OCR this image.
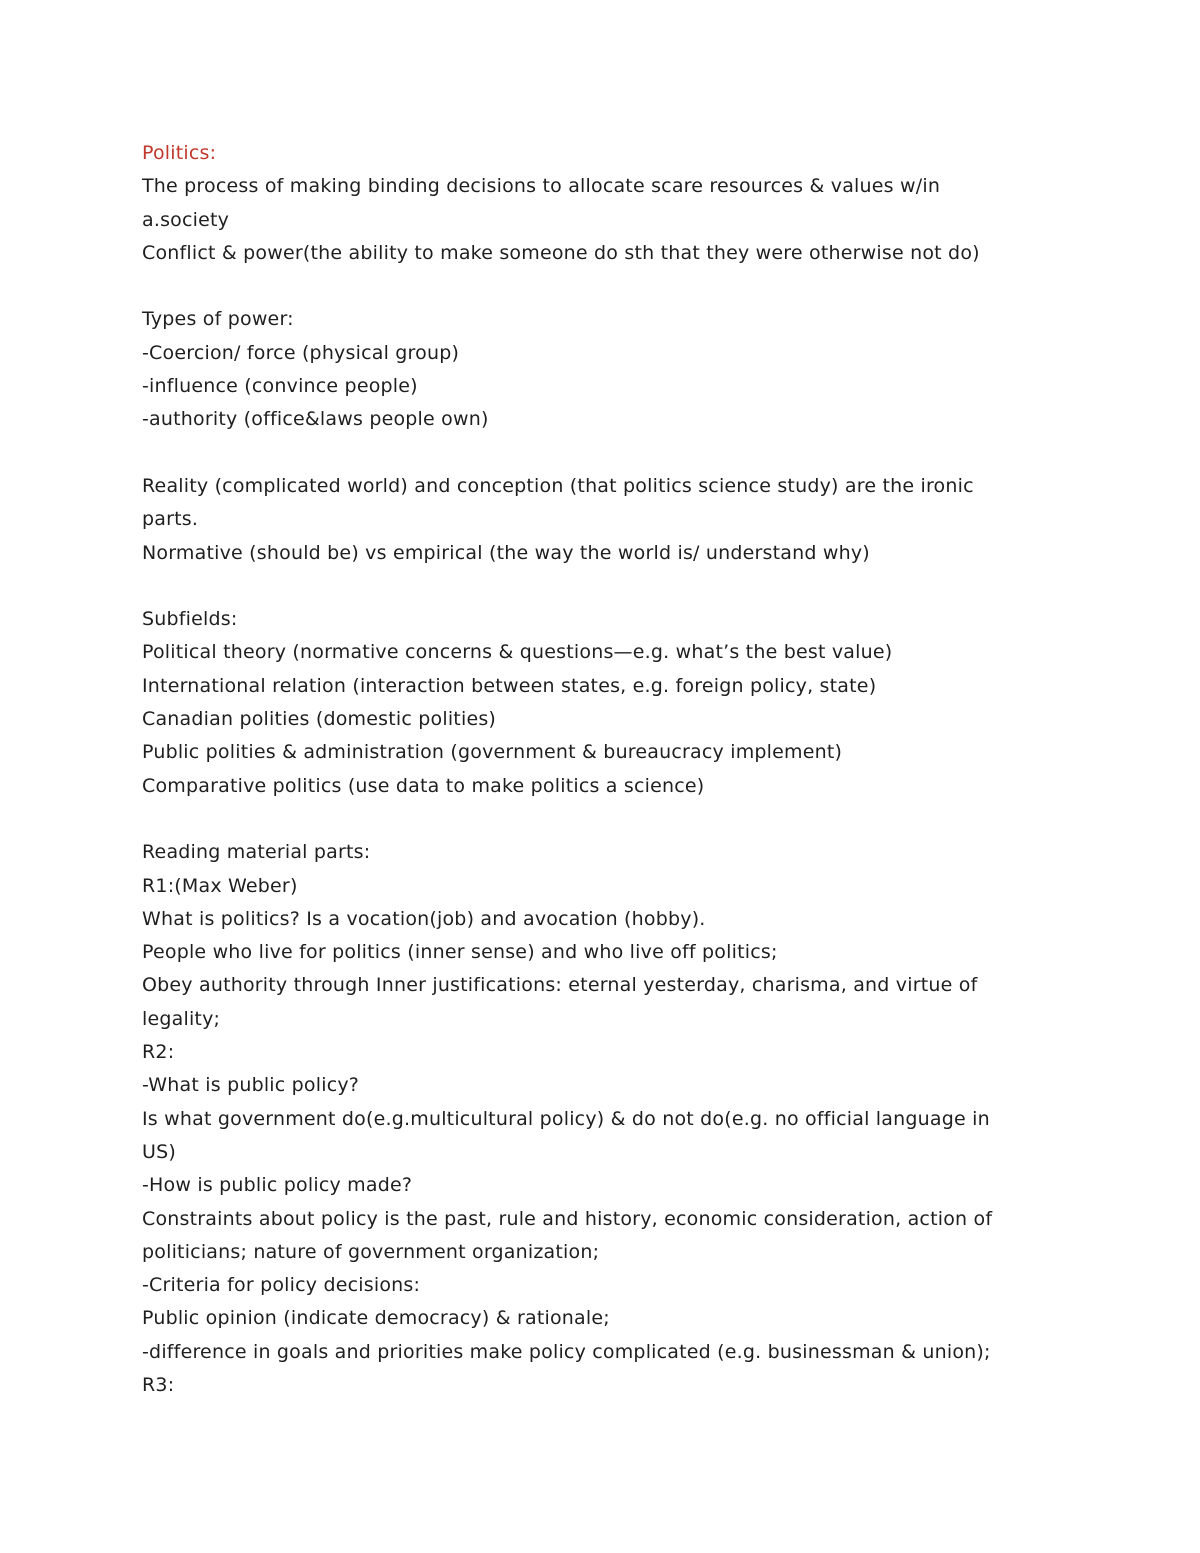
Politics:
The process of making binding decisions to allocate scare resources & values w/in
a.society
Conflict & power(the ability to make someone do sth that they were otherwise not do)
Types of power:
-Coercion/ force (physical group)
-influence (convince people)
-authority (office&laws people own)
Reality (complicated world) and conception (that politics science study) are the ironic
parts.
Normative (should be) vs empirical (the way the world is/ understand why)
Subfields:
Political theory (normative concerns & questions—e.g. what’s the best value)
International relation (interaction between states, e.g. foreign policy, state)
Canadian polities (domestic polities)
Public polities & administration (government & bureaucracy implement)
Comparative politics (use data to make politics a science)
Reading material parts:
R1:(Max Weber)
What is politics? Is a vocation(job) and avocation (hobby).
People who live for politics (inner sense) and who live off politics;
Obey authority through Inner justifications: eternal yesterday, charisma, and virtue of
legality;
R2:
-What is public policy?
Is what government do(e.g.multicultural policy) & do not do(e.g. no official language in
US)
-How is public policy made?
Constraints about policy is the past, rule and history, economic consideration, action of
politicians; nature of government organization;
-Criteria for policy decisions:
Public opinion (indicate democracy) & rationale;
-difference in goals and priorities make policy complicated (e.g. businessman & union);
R3:
